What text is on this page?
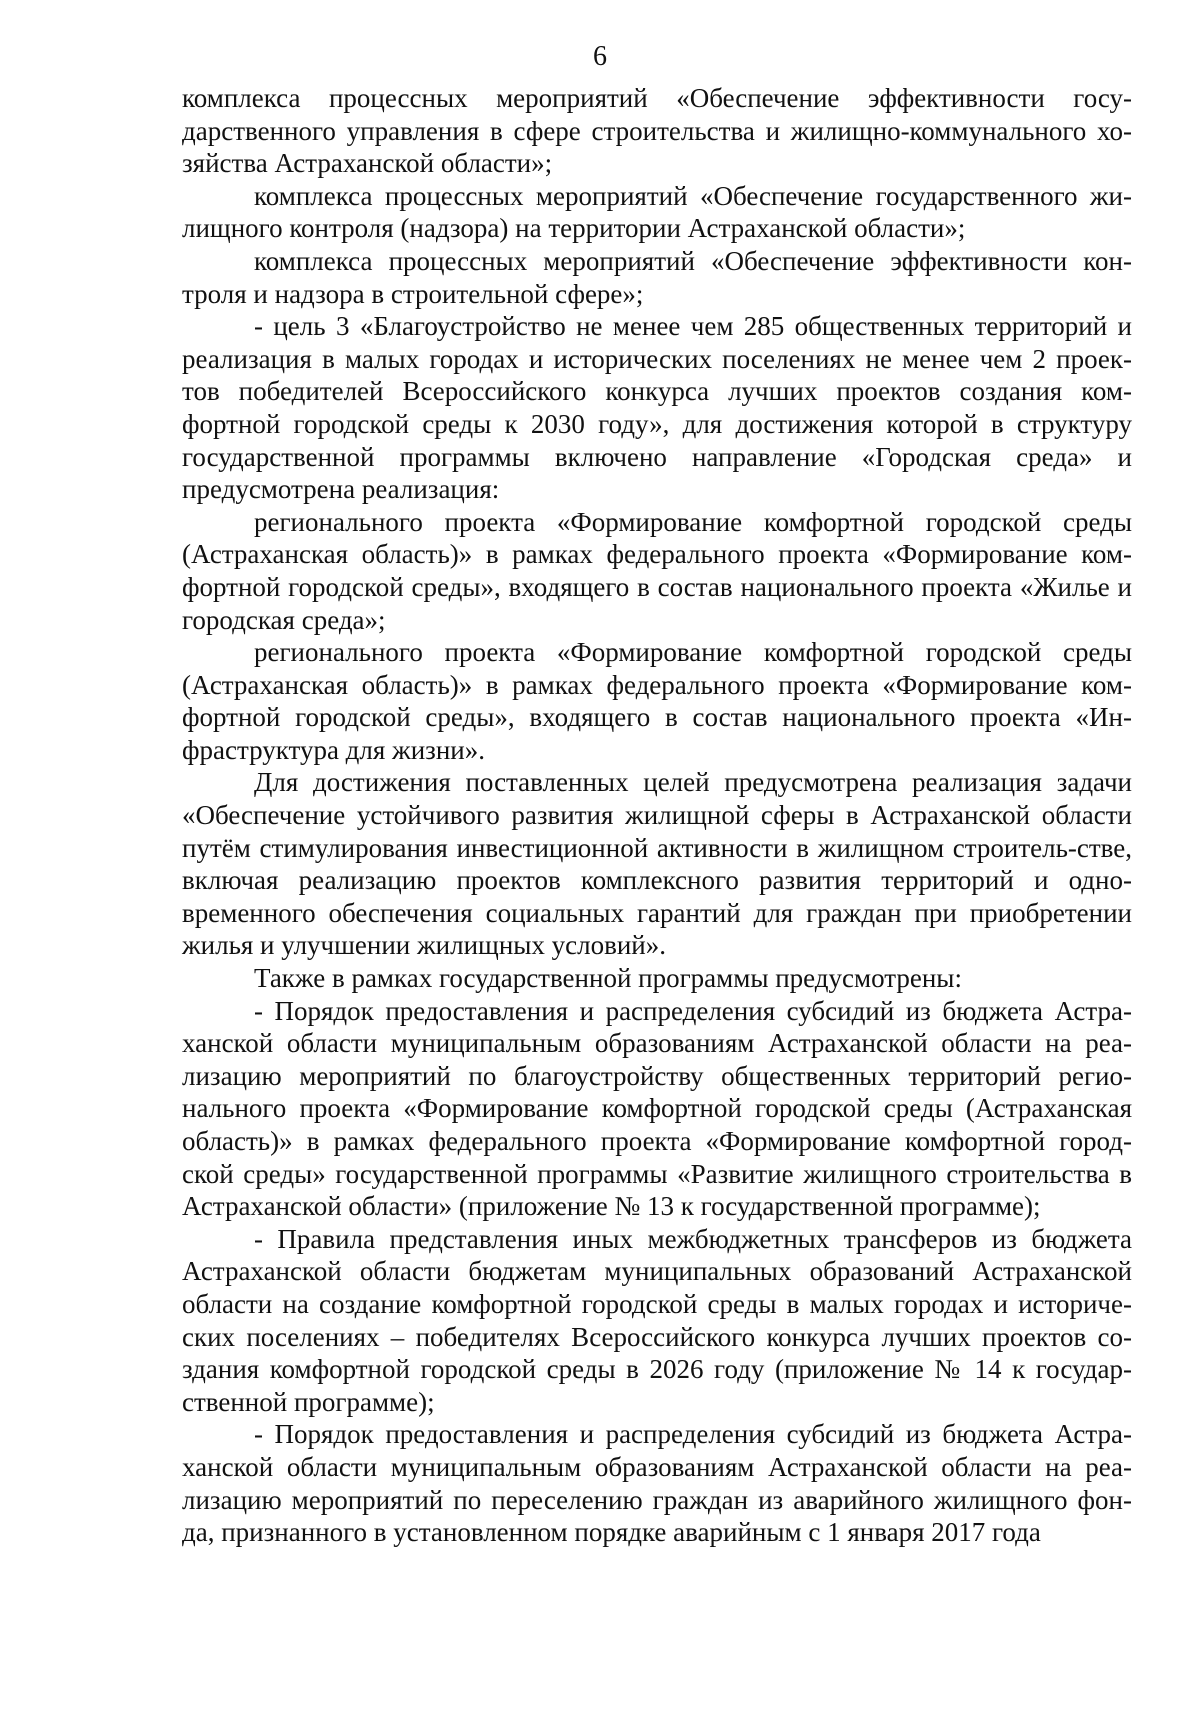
6

комплекса процессных мероприятий «Обеспечение эффективности госу-дарственного управления в сфере строительства и жилищно-коммунального хо-зяйства Астраханской области»;

комплекса процессных мероприятий «Обеспечение государственного жи-лищного контроля (надзора) на территории Астраханской области»;

комплекса процессных мероприятий «Обеспечение эффективности кон-троля и надзора в строительной сфере»;

- цель 3 «Благоустройство не менее чем 285 общественных территорий и реализация в малых городах и исторических поселениях не менее чем 2 проек-тов победителей Всероссийского конкурса лучших проектов создания ком-фортной городской среды к 2030 году», для достижения которой в структуру государственной программы включено направление «Городская среда» и предусмотрена реализация:

регионального проекта «Формирование комфортной городской среды (Астраханская область)» в рамках федерального проекта «Формирование ком-фортной городской среды», входящего в состав национального проекта «Жилье и городская среда»;

регионального проекта «Формирование комфортной городской среды (Астраханская область)» в рамках федерального проекта «Формирование ком-фортной городской среды», входящего в состав национального проекта «Ин-фраструктура для жизни».

Для достижения поставленных целей предусмотрена реализация задачи «Обеспечение устойчивого развития жилищной сферы в Астраханской области путём стимулирования инвестиционной активности в жилищном строитель-стве, включая реализацию проектов комплексного развития территорий и одно-временного обеспечения социальных гарантий для граждан при приобретении жилья и улучшении жилищных условий».

Также в рамках государственной программы предусмотрены:

- Порядок предоставления и распределения субсидий из бюджета Астра-ханской области муниципальным образованиям Астраханской области на реа-лизацию мероприятий по благоустройству общественных территорий регио-нального проекта «Формирование комфортной городской среды (Астраханская область)» в рамках федерального проекта «Формирование комфортной город-ской среды» государственной программы «Развитие жилищного строительства в Астраханской области» (приложение № 13 к государственной программе);

- Правила представления иных межбюджетных трансферов из бюджета Астраханской области бюджетам муниципальных образований Астраханской области на создание комфортной городской среды в малых городах и историче-ских поселениях – победителях Всероссийского конкурса лучших проектов со-здания комфортной городской среды в 2026 году (приложение № 14 к государ-ственной программе);

- Порядок предоставления и распределения субсидий из бюджета Астра-ханской области муниципальным образованиям Астраханской области на реа-лизацию мероприятий по переселению граждан из аварийного жилищного фон-да, признанного в установленном порядке аварийным с 1 января 2017 года
